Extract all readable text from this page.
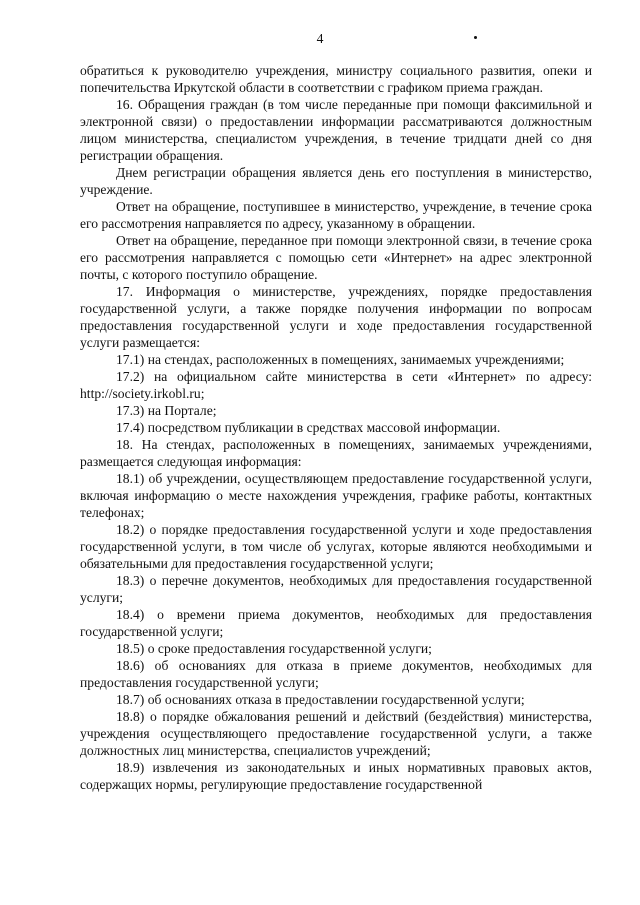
4

обратиться к руководителю учреждения, министру социального развития, опеки и попечительства Иркутской области в соответствии с графиком приема граждан.

16. Обращения граждан (в том числе переданные при помощи факсимильной и электронной связи) о предоставлении информации рассматриваются должностным лицом министерства, специалистом учреждения, в течение тридцати дней со дня регистрации обращения.

Днем регистрации обращения является день его поступления в министерство, учреждение.

Ответ на обращение, поступившее в министерство, учреждение, в течение срока его рассмотрения направляется по адресу, указанному в обращении.

Ответ на обращение, переданное при помощи электронной связи, в течение срока его рассмотрения направляется с помощью сети «Интернет» на адрес электронной почты, с которого поступило обращение.

17. Информация о министерстве, учреждениях, порядке предоставления государственной услуги, а также порядке получения информации по вопросам предоставления государственной услуги и ходе предоставления государственной услуги размещается:

17.1) на стендах, расположенных в помещениях, занимаемых учреждениями;

17.2) на официальном сайте министерства в сети «Интернет» по адресу: http://society.irkobl.ru;

17.3) на Портале;

17.4) посредством публикации в средствах массовой информации.

18. На стендах, расположенных в помещениях, занимаемых учреждениями, размещается следующая информация:

18.1) об учреждении, осуществляющем предоставление государственной услуги, включая информацию о месте нахождения учреждения, графике работы, контактных телефонах;

18.2) о порядке предоставления государственной услуги и ходе предоставления государственной услуги, в том числе об услугах, которые являются необходимыми и обязательными для предоставления государственной услуги;

18.3) о перечне документов, необходимых для предоставления государственной услуги;

18.4) о времени приема документов, необходимых для предоставления государственной услуги;

18.5) о сроке предоставления государственной услуги;

18.6) об основаниях для отказа в приеме документов, необходимых для предоставления государственной услуги;

18.7) об основаниях отказа в предоставлении государственной услуги;

18.8) о порядке обжалования решений и действий (бездействия) министерства, учреждения осуществляющего предоставление государственной услуги, а также должностных лиц министерства, специалистов учреждений;

18.9) извлечения из законодательных и иных нормативных правовых актов, содержащих нормы, регулирующие предоставление государственной
